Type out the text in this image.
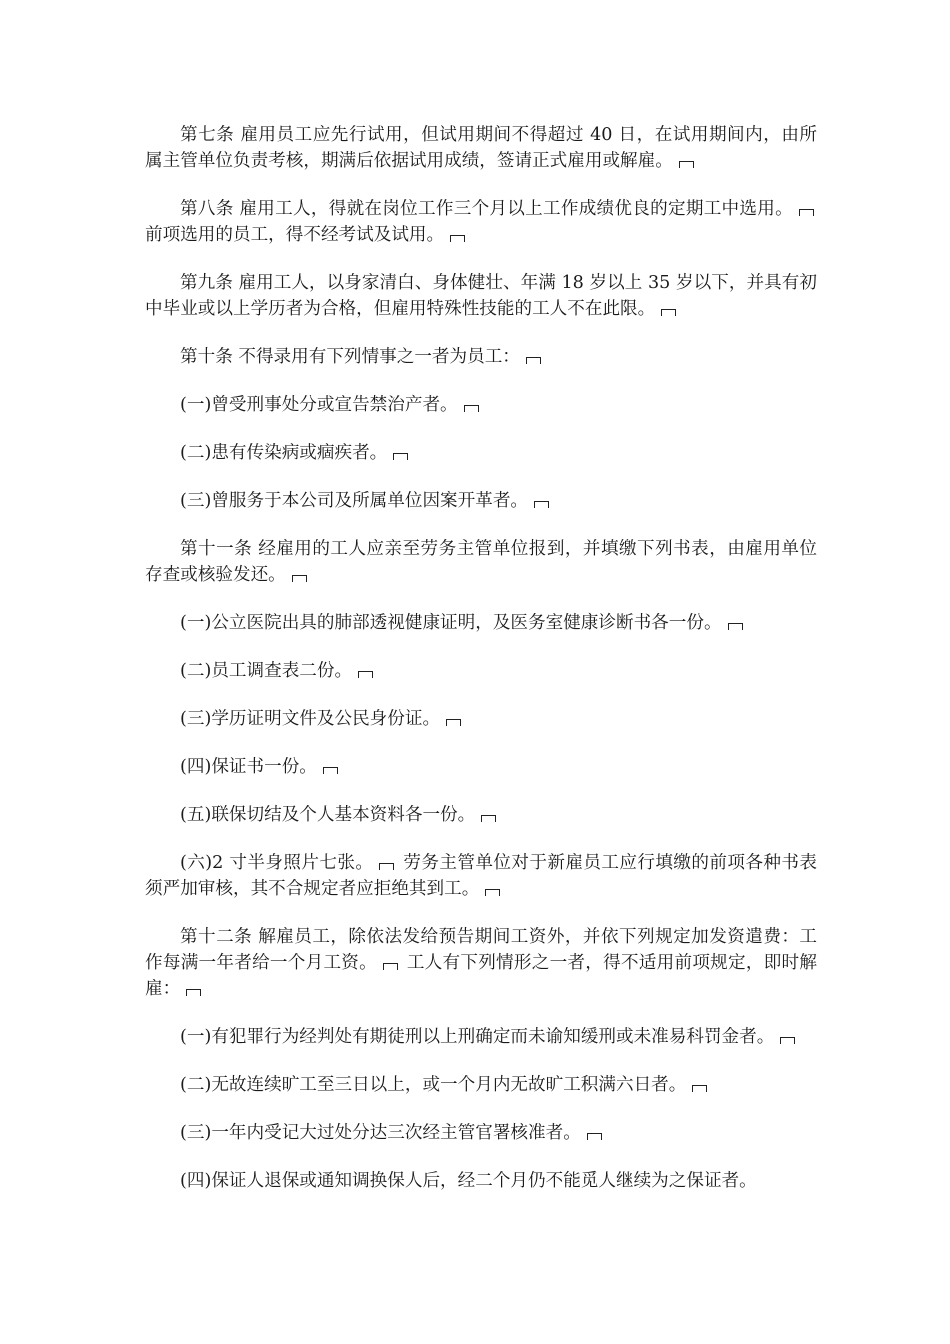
第七条 雇用员工应先行试用，但试用期间不得超过 40 日，在试用期间内，由所属主管单位负责考核，期满后依据试用成绩，签请正式雇用或解雇。

第八条 雇用工人，得就在岗位工作三个月以上工作成绩优良的定期工中选用。 前项选用的员工，得不经考试及试用。

第九条 雇用工人，以身家清白、身体健壮、年满 18 岁以上 35 岁以下，并具有初中毕业或以上学历者为合格，但雇用特殊性技能的工人不在此限。

第十条 不得录用有下列情事之一者为员工：

(一)曾受刑事处分或宣告禁治产者。

(二)患有传染病或痼疾者。

(三)曾服务于本公司及所属单位因案开革者。

第十一条 经雇用的工人应亲至劳务主管单位报到，并填缴下列书表，由雇用单位存查或核验发还。

(一)公立医院出具的肺部透视健康证明，及医务室健康诊断书各一份。

(二)员工调查表二份。

(三)学历证明文件及公民身份证。

(四)保证书一份。

(五)联保切结及个人基本资料各一份。

(六)2 寸半身照片七张。 劳务主管单位对于新雇员工应行填缴的前项各种书表须严加审核，其不合规定者应拒绝其到工。

第十二条 解雇员工，除依法发给预告期间工资外，并依下列规定加发资遣费：工作每满一年者给一个月工资。 工人有下列情形之一者，得不适用前项规定，即时解雇：

(一)有犯罪行为经判处有期徒刑以上刑确定而未谕知缓刑或未准易科罚金者。

(二)无故连续旷工至三日以上，或一个月内无故旷工积满六日者。

(三)一年内受记大过处分达三次经主管官署核准者。

(四)保证人退保或通知调换保人后，经二个月仍不能觅人继续为之保证者。
